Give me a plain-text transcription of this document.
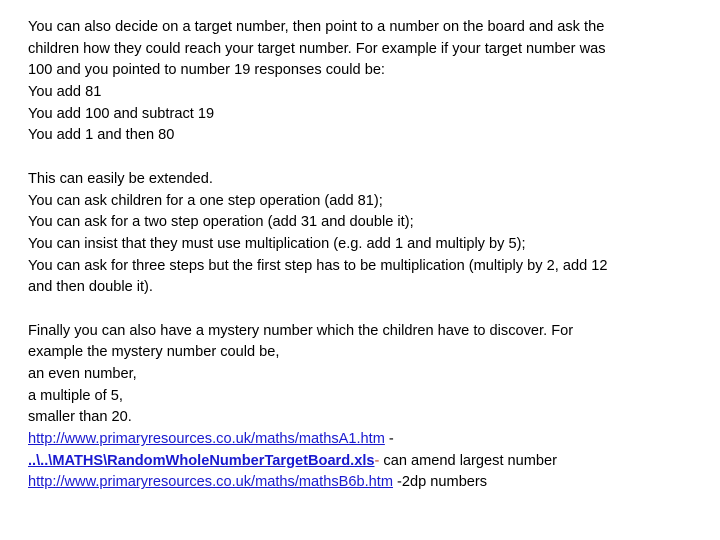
You can also decide on a target number, then point to a number on the board and ask the
children how they could reach your target number. For example if your target number was
100 and you pointed to number 19 responses could be:
You add 81
You add 100 and subtract 19
You add 1 and then 80
This can easily be extended.
You can ask children for a one step operation (add 81);
You can ask for a two step operation (add 31 and double it);
You can insist that they must use multiplication (e.g. add 1 and multiply by 5);
You can ask for three steps but the first step has to be multiplication (multiply by 2, add 12
and then double it).
Finally you can also have a mystery number which the children have to discover. For
example the mystery number could be,
an even number,
a multiple of 5,
smaller than 20.
http://www.primaryresources.co.uk/maths/mathsA1.htm -
..\..\MATHS\RandomWholeNumberTargetBoard.xls- can amend largest number
http://www.primaryresources.co.uk/maths/mathsB6b.htm -2dp numbers
